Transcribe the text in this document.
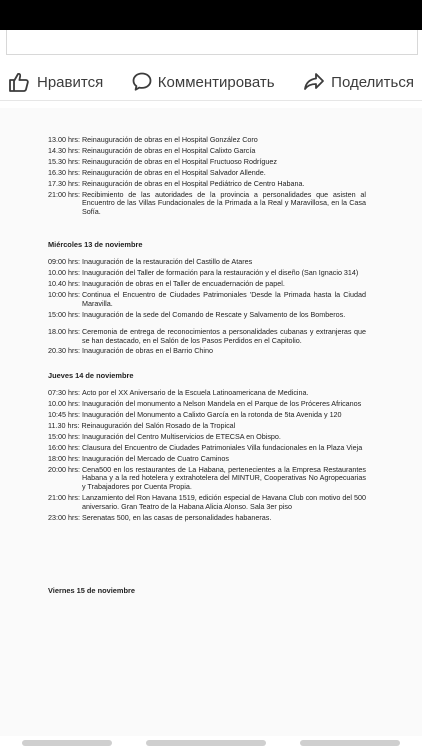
Нравится	Комментировать	Поделиться
13.00 hrs: Reinauguración de obras en el Hospital González Coro
14.30 hrs: Reinauguración de obras en el Hospital Calixto García
15.30 hrs: Reinauguración de obras en el Hospital Fructuoso Rodríguez
16.30 hrs: Reinauguración de obras en el Hospital Salvador Allende.
17.30 hrs: Reinauguración de obras en el Hospital Pediátrico de Centro Habana.
21:00 hrs: Recibimiento de las autoridades de la provincia a personalidades que asisten al Encuentro de las Villas Fundacionales de la Primada a la Real y Maravillosa, en la Casa Sofía.
Miércoles 13 de noviembre
09:00 hrs: Inauguración de la restauración del Castillo de Atares
10.00 hrs: Inauguración del Taller de formación para la restauración y el diseño (San Ignacio 314)
10.40 hrs: Inauguración de obras en el Taller de encuadernación de papel.
10:00 hrs: Continua el Encuentro de Ciudades Patrimoniales 'Desde la Primada hasta la Ciudad Maravilla.
15:00 hrs: Inauguración de la sede del Comando de Rescate y Salvamento de los Bomberos.
18.00 hrs: Ceremonia de entrega de reconocimientos a personalidades cubanas y extranjeras que se han destacado, en el Salón de los Pasos Perdidos en el Capitolio.
20.30 hrs: Inauguración de obras en el Barrio Chino
Jueves 14 de noviembre
07:30 hrs: Acto por el XX Aniversario de la Escuela Latinoamericana de Medicina.
10.00 hrs: Inauguración del monumento a Nelson Mandela en el Parque de los Próceres Africanos
10:45 hrs: Inauguración del Monumento a Calixto García en la rotonda de 5ta Avenida y 120
11.30 hrs: Reinauguración del Salón Rosado de la Tropical
15:00 hrs: Inauguración del Centro Multiservicios de ETECSA en Obispo.
16:00 hrs: Clausura del Encuentro de Ciudades Patrimoniales Villa fundacionales en la Plaza Vieja
18:00 hrs: Inauguración del Mercado de Cuatro Caminos
20:00 hrs: Cena500 en los restaurantes de La Habana, pertenecientes a la Empresa Restaurantes Habana y a la red hotelera y extrahotelera del MINTUR, Cooperativas No Agropecuarias y Trabajadores por Cuenta Propia.
21:00 hrs: Lanzamiento del Ron Havana 1519, edición especial de Havana Club con motivo del 500 aniversario. Gran Teatro de la Habana Alicia Alonso. Sala 3er piso
23:00 hrs: Serenatas 500, en las casas de personalidades habaneras.
Viernes 15 de noviembre
